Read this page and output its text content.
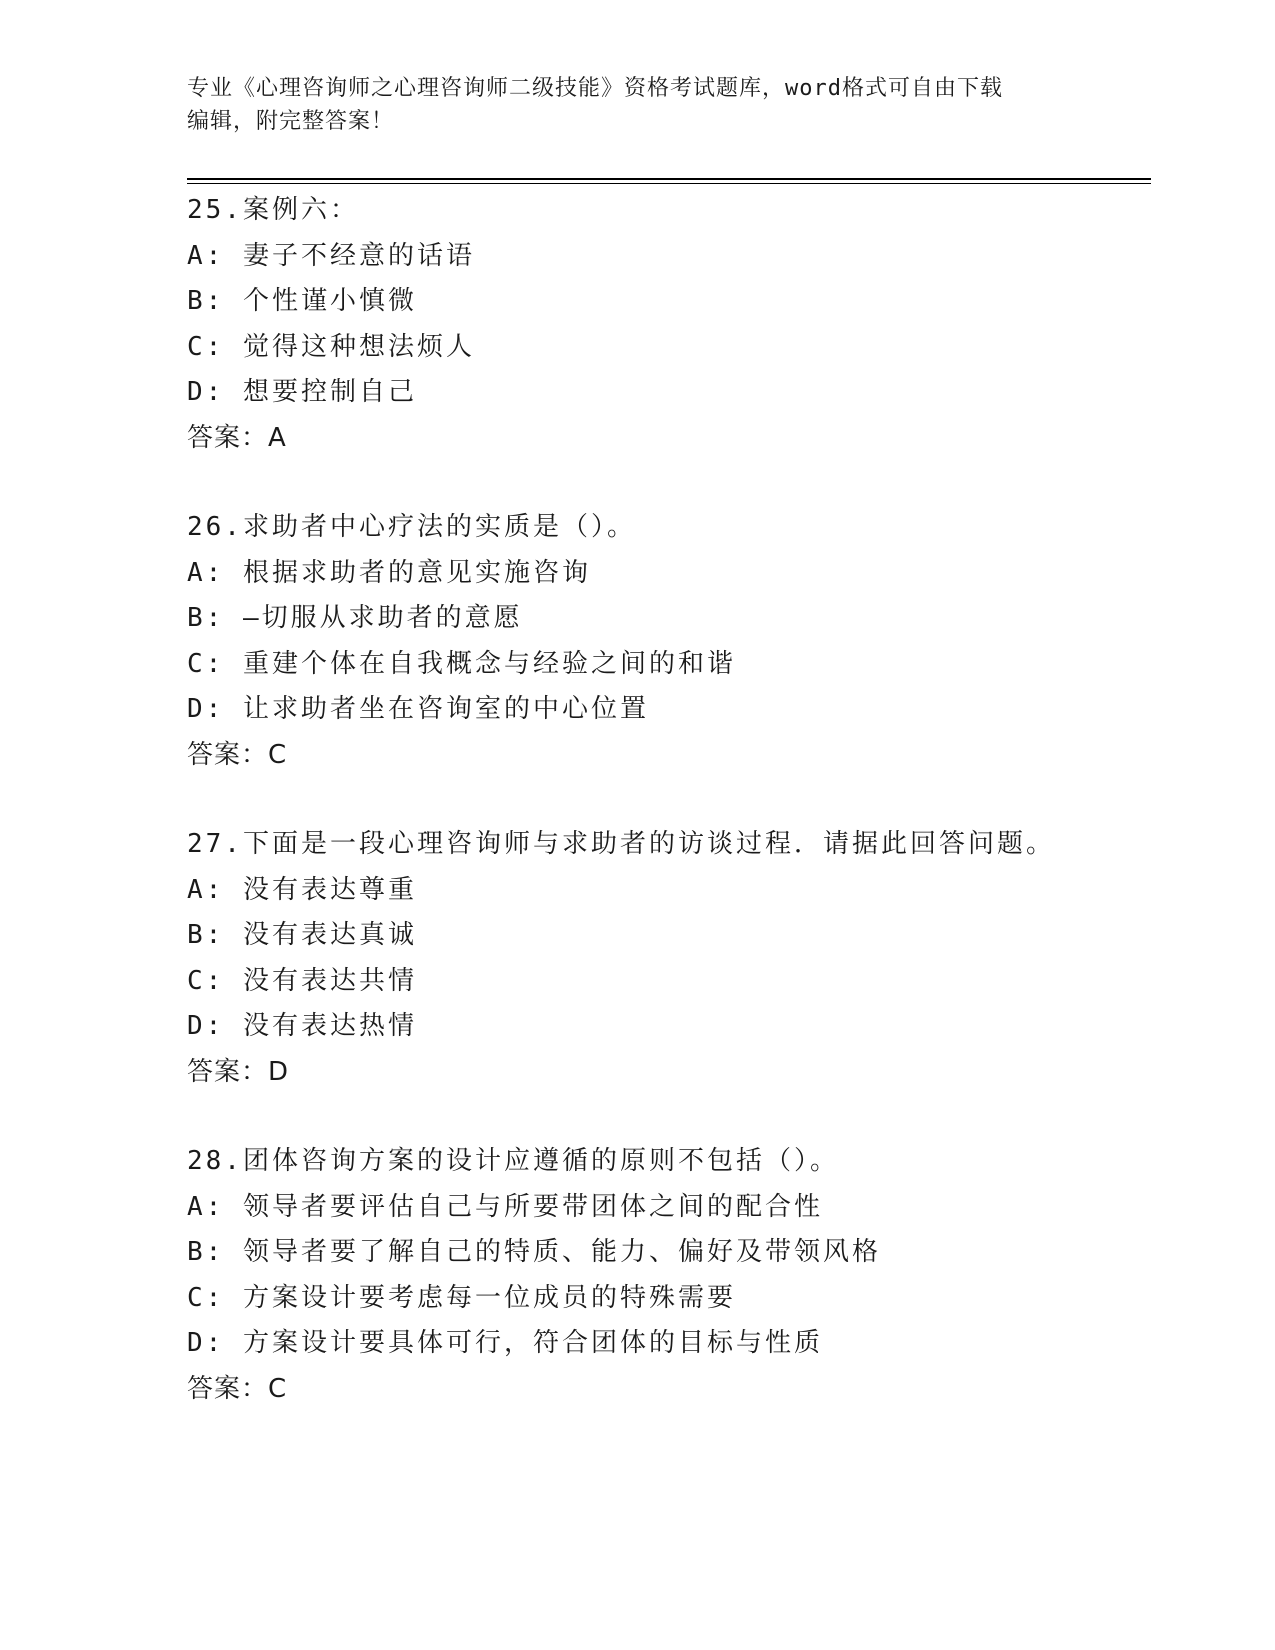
专业《心理咨询师之心理咨询师二级技能》资格考试题库，word格式可自由下载
编辑，附完整答案！
25.案例六：
A: 妻子不经意的话语
B: 个性谨小慎微
C: 觉得这种想法烦人
D: 想要控制自己
答案：A
26.求助者中心疗法的实质是（）。
A: 根据求助者的意见实施咨询
B: —切服从求助者的意愿
C: 重建个体在自我概念与经验之间的和谐
D: 让求助者坐在咨询室的中心位置
答案：C
27.下面是一段心理咨询师与求助者的访谈过程．请据此回答问题。
A: 没有表达尊重
B: 没有表达真诚
C: 没有表达共情
D: 没有表达热情
答案：D
28.团体咨询方案的设计应遵循的原则不包括（）。
A: 领导者要评估自己与所要带团体之间的配合性
B: 领导者要了解自己的特质、能力、偏好及带领风格
C: 方案设计要考虑每一位成员的特殊需要
D: 方案设计要具体可行，符合团体的目标与性质
答案：C
